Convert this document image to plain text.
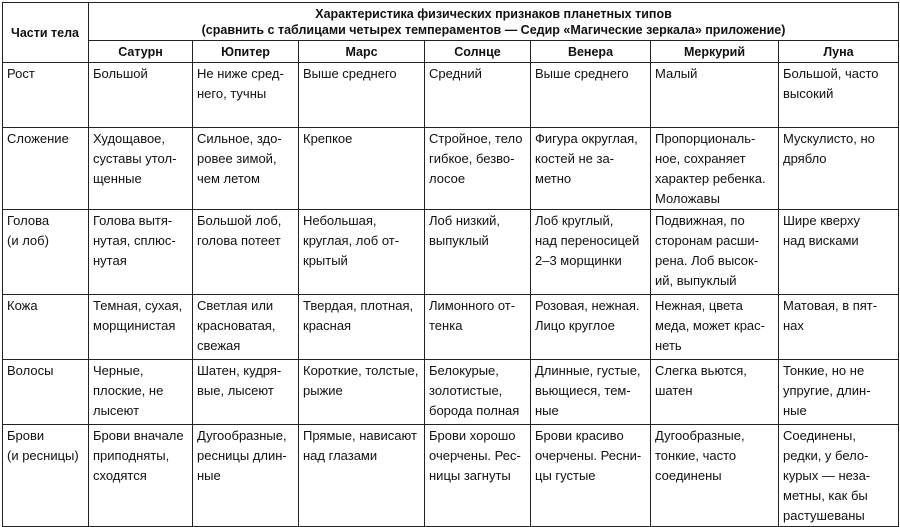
Части тела	Характеристика физических признаков планетных типов
(сравнить с таблицами четырех темпераментов — Седир «Магические зеркала» приложение)						

	Сатурн	Юпитер	Марс	Солнце	Венера	Меркурий	Луна

Рост	Большой	Не ниже сред-
него, тучны	Выше среднего	Средний	Выше среднего	Малый	Большой, часто
высокий

Сложение	Худощавое,
суставы утол-
щенные	Сильное, здо-
ровее зимой,
чем летом	Крепкое	Стройное, тело
гибкое, безво-
лосое	Фигура округлая,
костей не за-
метно	Пропорциональ-
ное, сохраняет
характер ребенка.
Моложавы	Мускулисто, но
дрябло

Голова
(и лоб)	Голова вытя-
нутая, сплюс-
нутая	Большой лоб,
голова потеет	Небольшая,
круглая, лоб от-
крытый	Лоб низкий,
выпуклый	Лоб круглый,
над переносицей
2–3 морщинки	Подвижная, по
сторонам расши-
рена. Лоб высок-
ий, выпуклый	Шире кверху
над висками

Кожа	Темная, сухая,
морщинистая	Светлая или
красноватая,
свежая	Твердая, плотная,
красная	Лимонного от-
тенка	Розовая, нежная.
Лицо круглое	Нежная, цвета
меда, может крас-
неть	Матовая, в пят-
нах

Волосы	Черные,
плоские, не
лысеют	Шатен, кудря-
вые, лысеют	Короткие, толстые,
рыжие	Белокурые,
золотистые,
борода полная	Длинные, густые,
вьющиеся, тем-
ные	Слегка вьются,
шатен	Тонкие, но не
упругие, длин-
ные

Брови
(и ресницы)	Брови вначале
приподняты,
сходятся	Дугообразные,
ресницы длин-
ные	Прямые, нависают
над глазами	Брови хорошо
очерчены. Рес-
ницы загнуты	Брови красиво
очерчены. Ресни-
цы густые	Дугообразные,
тонкие, часто
соединены	Соединены,
редки, у бело-
курых — неза-
метны, как бы
растушеваны
